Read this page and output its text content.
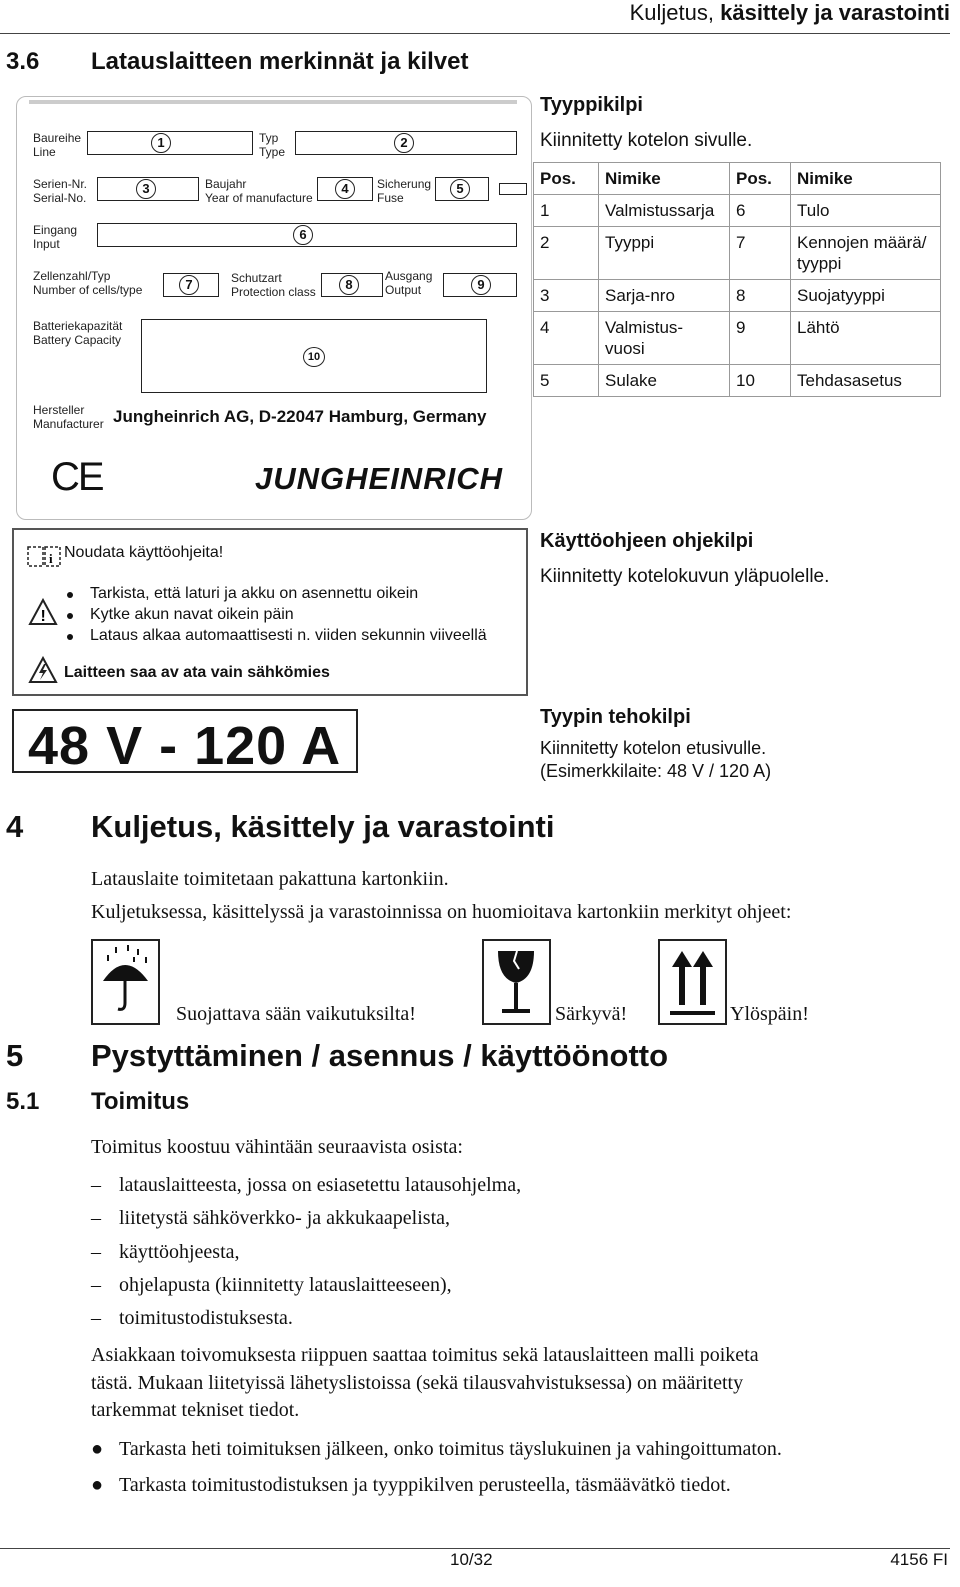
Kuljetus, käsittely ja varastointi
3.6 Latauslaitteen merkinnät ja kilvet
Baureihe
Line
1	Typ
Type
2
Serien-Nr.
Serial-No.
3	Baujahr
Year of manufacture
4	Sicherung
Fuse
5
Eingang
Input
6
Zellenzahl/Typ
Number of cells/type	7	Schutzart
Protection class	8
Ausgang
Output	9
Batteriekapazität
Battery Capacity
10
Hersteller
Manufacturer Jungheinrich AG, D-22047 Hamburg, Germany
CE	JUNGHEINRICH
Tyyppikilpi
Kiinnitetty kotelon sivulle.
Pos.	Nimike	Pos.	Nimike
1	Valmistussarja	6	Tulo
2	Tyyppi	7	Kennojen määrä/ tyyppi
3	Sarja-nro	8	Suojatyyppi
4	Valmistus- vuosi	9	Lähtö
5	Sulake	10	Tehdasasetus
i Noudata käyttöohjeita!
!
Tarkista, että laturi ja akku on asennettu oikein
Kytke akun navat oikein päin
Lataus alkaa automaattisesti n. viiden sekunnin viiveellä
Laitteen saa av ata vain sähkömies
Käyttöohjeen ohjekilpi
Kiinnitetty kotelokuvun yläpuolelle.
48 V - 120 A	Tyypin tehokilpi
Kiinnitetty kotelon etusivulle.
(Esimerkkilaite: 48 V / 120 A)
4 Kuljetus, käsittely ja varastointi
Latauslaite toimitetaan pakattuna kartonkiin.
Kuljetuksessa, käsittelyssä ja varastoinnissa on huomioitava kartonkiin merkityt ohjeet:
Suojattava sään vaikutuksilta!	Särkyvä!	Ylöspäin!
5 Pystyttäminen / asennus / käyttöönotto
5.1 Toimitus
Toimitus koostuu vähintään seuraavista osista:
– latauslaitteesta, jossa on esiasetettu latausohjelma,
– liitetystä sähköverkko- ja akkukaapelista,
– käyttöohjeesta,
– ohjelapusta (kiinnitetty latauslaitteeseen),
– toimitustodistuksesta.
Asiakkaan toivomuksesta riippuen saattaa toimitus sekä latauslaitteen malli poiketa
tästä. Mukaan liitetyissä lähetyslistoissa (sekä tilausvahvistuksessa) on määritetty
tarkemmat tekniset tiedot.
● Tarkasta heti toimituksen jälkeen, onko toimitus täyslukuinen ja vahingoittumaton.
● Tarkasta toimitustodistuksen ja tyyppikilven perusteella, täsmäävätkö tiedot.
10/32	4156 FI
